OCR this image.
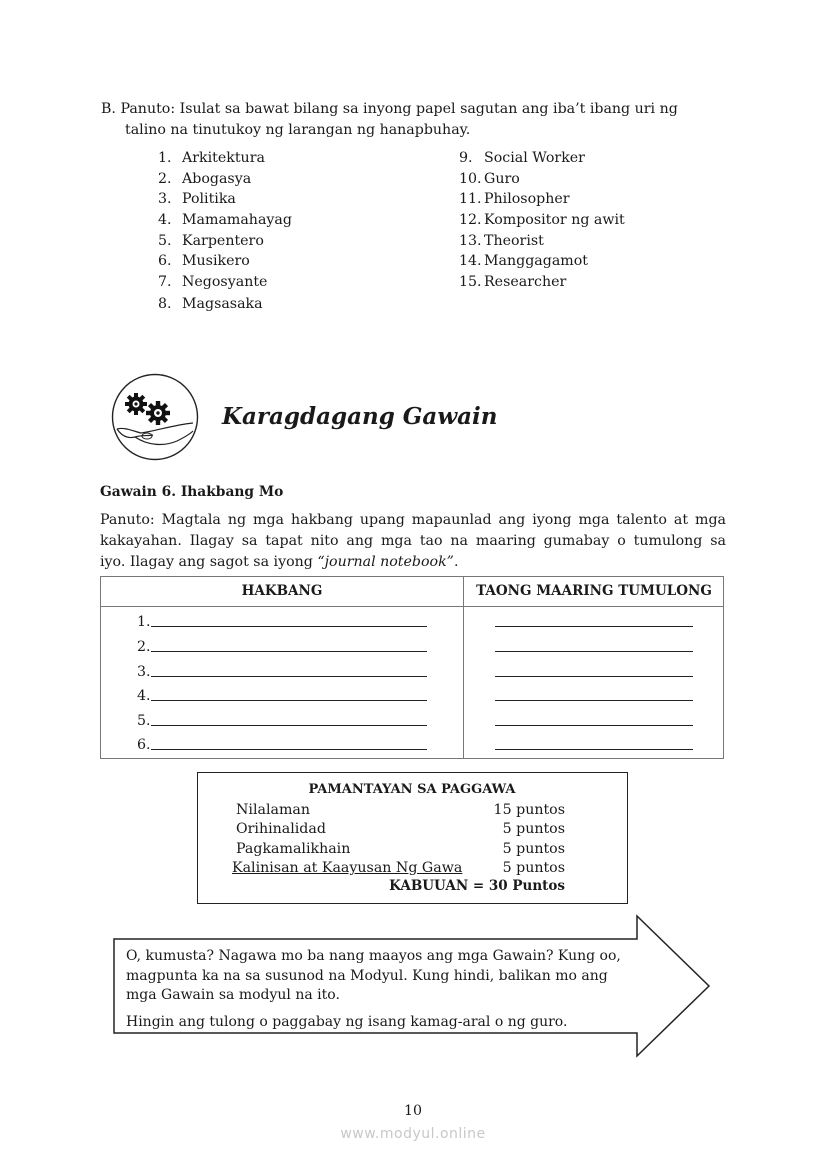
B. Panuto: Isulat sa bawat bilang sa inyong papel sagutan ang iba’t ibang uri ng
talino na tinutukoy ng larangan ng hanapbuhay.
1. Arkitektura
2. Abogasya
3. Politika
4. Mamamahayag
5. Karpentero
6. Musikero
7. Negosyante
8. Magsasaka
9. Social Worker
10. Guro
11. Philosopher
12. Kompositor ng awit
13. Theorist
14. Manggagamot
15. Researcher
Karagdagang Gawain
Gawain 6. Ihakbang Mo
Panuto: Magtala ng mga hakbang upang mapaunlad ang iyong mga talento at mga
kakayahan. Ilagay sa tapat nito ang mga tao na maaring gumabay o tumulong sa
iyo. Ilagay ang sagot sa iyong “journal notebook”.
HAKBANG	TAONG MAARING TUMULONG
1.
2.
3.
4.
5.
6.
PAMANTAYAN SA PAGGAWA
Nilalaman	15 puntos
Orihinalidad	5 puntos
Pagkamalikhain	5 puntos
Kalinisan at Kaayusan Ng Gawa	5 puntos
KABUUAN = 30 Puntos
O, kumusta? Nagawa mo ba nang maayos ang mga Gawain? Kung oo,
magpunta ka na sa susunod na Modyul. Kung hindi, balikan mo ang
mga Gawain sa modyul na ito.
Hingin ang tulong o paggabay ng isang kamag-aral o ng guro.
10
www.modyul.online
